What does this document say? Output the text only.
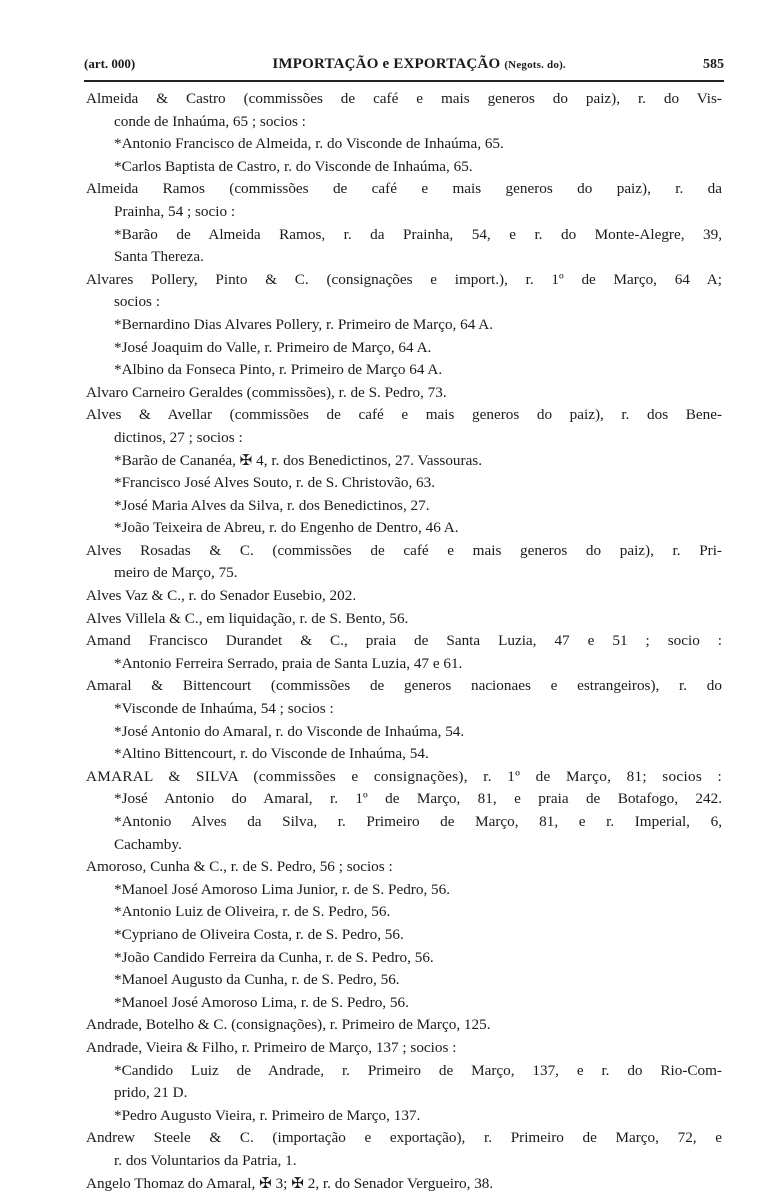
(art. 000)	IMPORTAÇÃO e EXPORTAÇÃO (Negots. do).	585
Almeida & Castro (commissões de café e mais generos do paiz), r. do Vis-
conde de Inhaúma, 65 ; socios :
*Antonio Francisco de Almeida, r. do Visconde de Inhaúma, 65.
*Carlos Baptista de Castro, r. do Visconde de Inhaúma, 65.
Almeida Ramos (commissões de café e mais generos do paiz), r. da
Prainha, 54 ; socio :
*Barão de Almeida Ramos, r. da Prainha, 54, e r. do Monte-Alegre, 39,
Santa Thereza.
Alvares Pollery, Pinto & C. (consignações e import.), r. 1º de Março, 64 A;
socios :
*Bernardino Dias Alvares Pollery, r. Primeiro de Março, 64 A.
*José Joaquim do Valle, r. Primeiro de Março, 64 A.
*Albino da Fonseca Pinto, r. Primeiro de Março 64 A.
Alvaro Carneiro Geraldes (commissões), r. de S. Pedro, 73.
Alves & Avellar (commissões de café e mais generos do paiz), r. dos Bene-
dictinos, 27 ; socios :
*Barão de Cananéa, ✠ 4, r. dos Benedictinos, 27. Vassouras.
*Francisco José Alves Souto, r. de S. Christovão, 63.
*José Maria Alves da Silva, r. dos Benedictinos, 27.
*João Teixeira de Abreu, r. do Engenho de Dentro, 46 A.
Alves Rosadas & C. (commissões de café e mais generos do paiz), r. Pri-
meiro de Março, 75.
Alves Vaz & C., r. do Senador Eusebio, 202.
Alves Villela & C., em liquidação, r. de S. Bento, 56.
Amand Francisco Durandet & C., praia de Santa Luzia, 47 e 51 ; socio :
*Antonio Ferreira Serrado, praia de Santa Luzia, 47 e 61.
Amaral & Bittencourt (commissões de generos nacionaes e estrangeiros), r. do
*Visconde de Inhaúma, 54 ; socios :
*José Antonio do Amaral, r. do Visconde de Inhaúma, 54.
*Altino Bittencourt, r. do Visconde de Inhaúma, 54.
AMARAL & SILVA (commissões e consignações), r. 1º de Março, 81; socios :
*José Antonio do Amaral, r. 1º de Março, 81, e praia de Botafogo, 242.
*Antonio Alves da Silva, r. Primeiro de Março, 81, e r. Imperial, 6,
Cachamby.
Amoroso, Cunha & C., r. de S. Pedro, 56 ; socios :
*Manoel José Amoroso Lima Junior, r. de S. Pedro, 56.
*Antonio Luiz de Oliveira, r. de S. Pedro, 56.
*Cypriano de Oliveira Costa, r. de S. Pedro, 56.
*João Candido Ferreira da Cunha, r. de S. Pedro, 56.
*Manoel Augusto da Cunha, r. de S. Pedro, 56.
*Manoel José Amoroso Lima, r. de S. Pedro, 56.
Andrade, Botelho & C. (consignações), r. Primeiro de Março, 125.
Andrade, Vieira & Filho, r. Primeiro de Março, 137 ; socios :
*Candido Luiz de Andrade, r. Primeiro de Março, 137, e r. do Rio-Com-
prido, 21 D.
*Pedro Augusto Vieira, r. Primeiro de Março, 137.
Andrew Steele & C. (importação e exportação), r. Primeiro de Março, 72, e
r. dos Voluntarios da Patria, 1.
Angelo Thomaz do Amaral, ✠ 3; ✠ 2, r. do Senador Vergueiro, 38.
